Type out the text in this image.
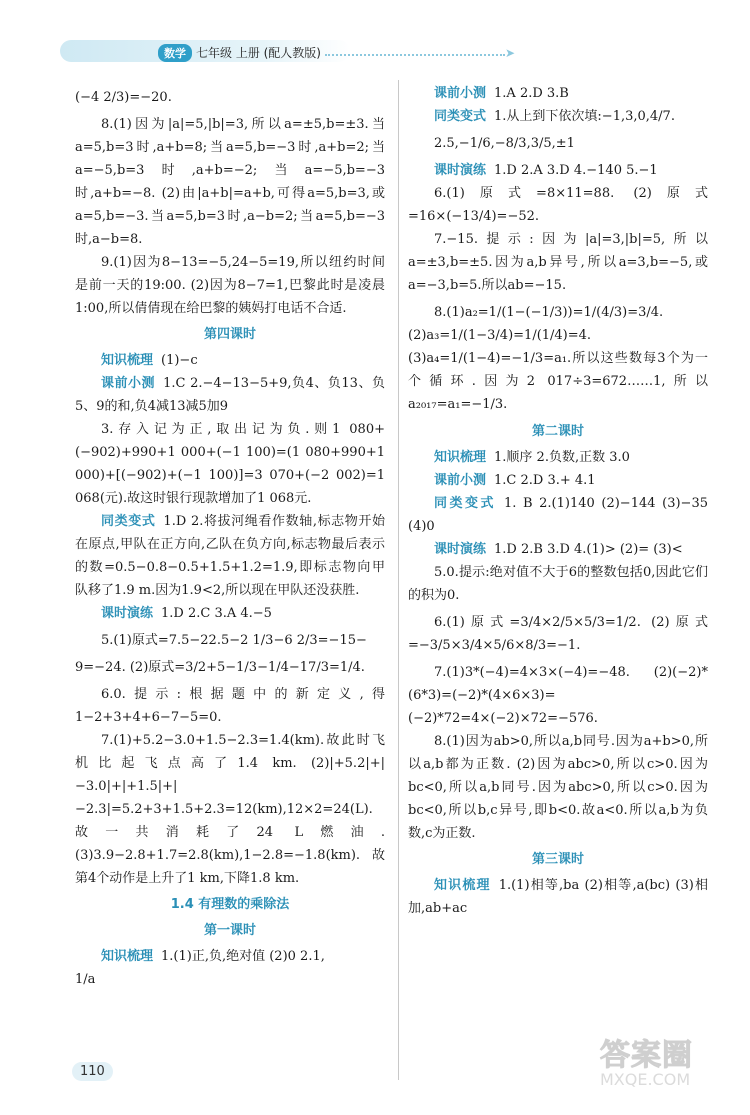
数学 七年级 上册 (配人教版)	➤

(−4 2/3)=−20.

8.(1)因为|a|=5,|b|=3,所以a=±5,b=±3.当a=5,b=3时,a+b=8;当a=5,b=−3时,a+b=2;当a=−5,b=3时,a+b=−2;当a=−5,b=−3时,a+b=−8. (2)由|a+b|=a+b,可得a=5,b=3,或a=5,b=−3.当a=5,b=3时,a−b=2;当a=5,b=−3时,a−b=8.

9.(1)因为8−13=−5,24−5=19,所以纽约时间是前一天的19:00. (2)因为8−7=1,巴黎此时是凌晨1:00,所以倩倩现在给巴黎的姨妈打电话不合适.

第四课时

知识梳理 (1)−c

课前小测 1.C 2.−4−13−5+9,负4、负13、负5、9的和,负4减13减5加9

3.存入记为正,取出记为负.则1 080+(−902)+990+1 000+(−1 100)=(1 080+990+1 000)+[(−902)+(−1 100)]=3 070+(−2 002)=1 068(元).故这时银行现款增加了1 068元.

同类变式 1.D 2.将拔河绳看作数轴,标志物开始在原点,甲队在正方向,乙队在负方向,标志物最后表示的数=0.5−0.8−0.5+1.5+1.2=1.9,即标志物向甲队移了1.9 m.因为1.9<2,所以现在甲队还没获胜.

课时演练 1.D 2.C 3.A 4.−5

5.(1)原式=7.5−22.5−2 1/3−6 2/3=−15−

9=−24. (2)原式=3/2+5−1/3−1/4−17/3=1/4.

6.0.提示:根据题中的新定义,得1−2+3+4+6−7−5=0.

7.(1)+5.2−3.0+1.5−2.3=1.4(km).故此时飞机比起飞点高了1.4 km. (2)|+5.2|+|−3.0|+|+1.5|+|−2.3|=5.2+3+1.5+2.3=12(km),12×2=24(L).故一共消耗了24 L燃油. (3)3.9−2.8+1.7=2.8(km),1−2.8=−1.8(km).故第4个动作是上升了1 km,下降1.8 km.

1.4 有理数的乘除法

第一课时

知识梳理 1.(1)正,负,绝对值 (2)0 2.1,

1/a

课前小测 1.A 2.D 3.B

同类变式 1.从上到下依次填:−1,3,0,4/7.

2.5,−1/6,−8/3,3/5,±1

课时演练 1.D 2.A 3.D 4.−140 5.−1

6.(1)原式=8×11=88. (2)原式=16×(−13/4)=−52.

7.−15.提示:因为|a|=3,|b|=5,所以a=±3,b=±5.因为a,b异号,所以a=3,b=−5,或a=−3,b=5.所以ab=−15.

8.(1)a₂=1/(1−(−1/3))=1/(4/3)=3/4. (2)a₃=1/(1−3/4)=1/(1/4)=4. (3)a₄=1/(1−4)=−1/3=a₁.所以这些数每3个为一个循环.因为2 017÷3=672……1,所以a₂₀₁₇=a₁=−1/3.

第二课时

知识梳理 1.顺序 2.负数,正数 3.0

课前小测 1.C 2.D 3.+ 4.1

同类变式 1. B 2.(1)140 (2)−144 (3)−35 (4)0

课时演练 1.D 2.B 3.D 4.(1)> (2)= (3)<

5.0.提示:绝对值不大于6的整数包括0,因此它们的积为0.

6.(1)原式=3/4×2/5×5/3=1/2. (2)原式=−3/5×3/4×5/6×8/3=−1.

7.(1)3*(−4)=4×3×(−4)=−48. (2)(−2)*(6*3)=(−2)*(4×6×3)=(−2)*72=4×(−2)×72=−576.

8.(1)因为ab>0,所以a,b同号.因为a+b>0,所以a,b都为正数. (2)因为abc>0,所以c>0.因为bc<0,所以a,b同号.因为abc>0,所以c>0.因为bc<0,所以b,c异号,即b<0.故a<0.所以a,b为负数,c为正数.

第三课时

知识梳理 1.(1)相等,ba (2)相等,a(bc) (3)相加,ab+ac

110	答案圈
MXQE.COM
